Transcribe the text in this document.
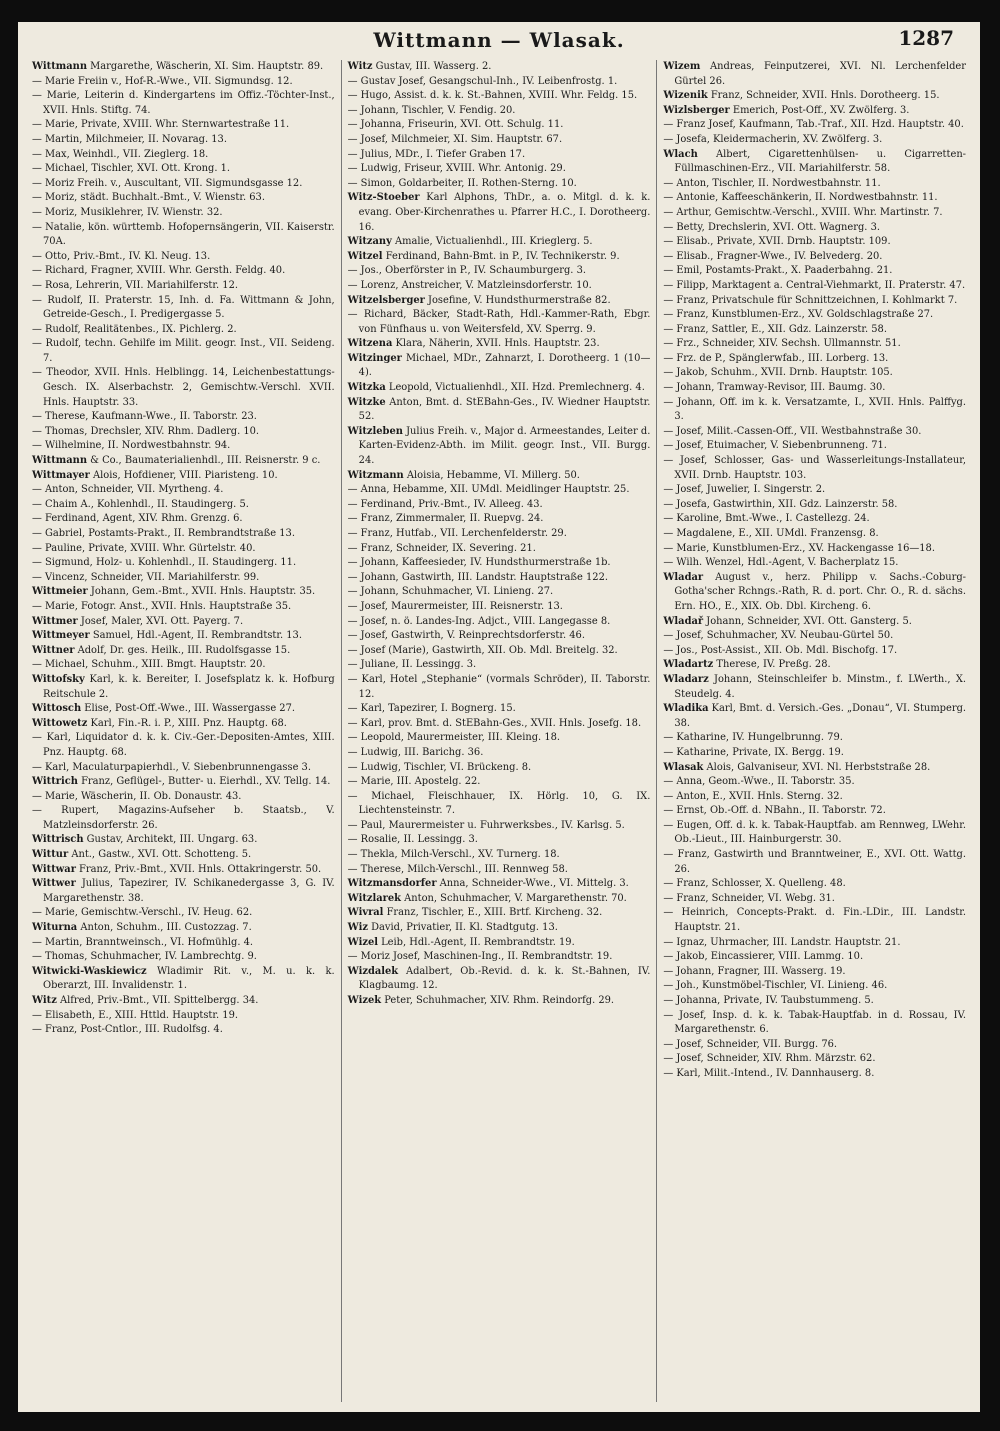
Wittmann — Wlasak.	1287
Wittmann Margarethe, Wäscherin, XI. Sim. Hauptstr. 89.
— Marie Freiin v., Hof-R.-Wwe., VII. Sigmundsg. 12.
— Marie, Leiterin d. Kindergartens im Offiz.-Töchter-Inst., XVII. Hnls. Stiftg. 74.
— Marie, Private, XVIII. Whr. Sternwartestraße 11.
— Martin, Milchmeier, II. Novarag. 13.
— Max, Weinhdl., VII. Zieglerg. 18.
— Michael, Tischler, XVI. Ott. Krong. 1.
— Moriz Freih. v., Auscultant, VII. Sigmundsgasse 12.
— Moriz, städt. Buchhalt.-Bmt., V. Wienstr. 63.
— Moriz, Musiklehrer, IV. Wienstr. 32.
— Natalie, kön. württemb. Hofopernsängerin, VII. Kaiserstr. 70A.
— Otto, Priv.-Bmt., IV. Kl. Neug. 13.
— Richard, Fragner, XVIII. Whr. Gersth. Feldg. 40.
— Rosa, Lehrerin, VII. Mariahilferstr. 12.
— Rudolf, II. Praterstr. 15, Inh. d. Fa. Wittmann & John, Getreide-Gesch., I. Predigergasse 5.
— Rudolf, Realitätenbes., IX. Pichlerg. 2.
— Rudolf, techn. Gehilfe im Milit. geogr. Inst., VII. Seideng. 7.
— Theodor, XVII. Hnls. Helblingg. 14, Leichenbestattungs-Gesch. IX. Alserbachstr. 2, Gemischtw.-Verschl. XVII. Hnls. Hauptstr. 33.
— Therese, Kaufmann-Wwe., II. Taborstr. 23.
— Thomas, Drechsler, XIV. Rhm. Dadlerg. 10.
— Wilhelmine, II. Nordwestbahnstr. 94.
Wittmann & Co., Baumaterialienhdl., III. Reisnerstr. 9 c.
Wittmayer Alois, Hofdiener, VIII. Piaristeng. 10.
— Anton, Schneider, VII. Myrtheng. 4.
— Chaim A., Kohlenhdl., II. Staudingerg. 5.
— Ferdinand, Agent, XIV. Rhm. Grenzg. 6.
— Gabriel, Postamts-Prakt., II. Rembrandtstraße 13.
— Pauline, Private, XVIII. Whr. Gürtelstr. 40.
— Sigmund, Holz- u. Kohlenhdl., II. Staudingerg. 11.
— Vincenz, Schneider, VII. Mariahilferstr. 99.
Wittmeier Johann, Gem.-Bmt., XVII. Hnls. Hauptstr. 35.
— Marie, Fotogr. Anst., XVII. Hnls. Hauptstraße 35.
Wittmer Josef, Maler, XVI. Ott. Payerg. 7.
Wittmeyer Samuel, Hdl.-Agent, II. Rembrandtstr. 13.
Wittner Adolf, Dr. ges. Heilk., III. Rudolfsgasse 15.
— Michael, Schuhm., XIII. Bmgt. Hauptstr. 20.
Wittofsky Karl, k. k. Bereiter, I. Josefsplatz k. k. Hofburg Reitschule 2.
Wittosch Elise, Post-Off.-Wwe., III. Wassergasse 27.
Wittowetz Karl, Fin.-R. i. P., XIII. Pnz. Hauptg. 68.
— Karl, Liquidator d. k. k. Civ.-Ger.-Depositen-Amtes, XIII. Pnz. Hauptg. 68.
— Karl, Maculaturpapierhdl., V. Siebenbrunnengasse 3.
Wittrich Franz, Geflügel-, Butter- u. Eierhdl., XV. Tellg. 14.
— Marie, Wäscherin, II. Ob. Donaustr. 43.
— Rupert, Magazins-Aufseher b. Staatsb., V. Matzleinsdorferstr. 26.
Wittrisch Gustav, Architekt, III. Ungarg. 63.
Wittur Ant., Gastw., XVI. Ott. Schotteng. 5.
Wittwar Franz, Priv.-Bmt., XVII. Hnls. Ottakringerstr. 50.
Wittwer Julius, Tapezirer, IV. Schikanedergasse 3, G. IV. Margarethenstr. 38.
— Marie, Gemischtw.-Verschl., IV. Heug. 62.
Witurna Anton, Schuhm., III. Custozzag. 7.
— Martin, Branntweinsch., VI. Hofmühlg. 4.
— Thomas, Schuhmacher, IV. Lambrechtg. 9.
Witwicki-Waskiewicz Wladimir Rit. v., M. u. k. k. Oberarzt, III. Invalidenstr. 1.
Witz Alfred, Priv.-Bmt., VII. Spittelbergg. 34.
— Elisabeth, E., XIII. Httld. Hauptstr. 19.
— Franz, Post-Cntlor., III. Rudolfsg. 4.
Witz Gustav, III. Wasserg. 2.
— Gustav Josef, Gesangschul-Inh., IV. Leibenfrostg. 1.
— Hugo, Assist. d. k. k. St.-Bahnen, XVIII. Whr. Feldg. 15.
— Johann, Tischler, V. Fendig. 20.
— Johanna, Friseurin, XVI. Ott. Schulg. 11.
— Josef, Milchmeier, XI. Sim. Hauptstr. 67.
— Julius, MDr., I. Tiefer Graben 17.
— Ludwig, Friseur, XVIII. Whr. Antonig. 29.
— Simon, Goldarbeiter, II. Rothen-Sterng. 10.
Witz-Stoeber Karl Alphons, ThDr., a. o. Mitgl. d. k. k. evang. Ober-Kirchenrathes u. Pfarrer H.C., I. Dorotheerg. 16.
Witzany Amalie, Victualienhdl., III. Krieglerg. 5.
Witzel Ferdinand, Bahn-Bmt. in P., IV. Technikerstr. 9.
— Jos., Oberförster in P., IV. Schaumburgerg. 3.
— Lorenz, Anstreicher, V. Matzleinsdorferstr. 10.
Witzelsberger Josefine, V. Hundsthurmerstraße 82.
— Richard, Bäcker, Stadt-Rath, Hdl.-Kammer-Rath, Ebgr. von Fünfhaus u. von Weitersfeld, XV. Sperrg. 9.
Witzena Klara, Näherin, XVII. Hnls. Hauptstr. 23.
Witzinger Michael, MDr., Zahnarzt, I. Dorotheerg. 1 (10—4).
Witzka Leopold, Victualienhdl., XII. Hzd. Premlechnerg. 4.
Witzke Anton, Bmt. d. StEBahn-Ges., IV. Wiedner Hauptstr. 52.
Witzleben Julius Freih. v., Major d. Armeestandes, Leiter d. Karten-Evidenz-Abth. im Milit. geogr. Inst., VII. Burgg. 24.
Witzmann Aloisia, Hebamme, VI. Millerg. 50.
— Anna, Hebamme, XII. UMdl. Meidlinger Hauptstr. 25.
— Ferdinand, Priv.-Bmt., IV. Alleeg. 43.
— Franz, Zimmermaler, II. Ruepvg. 24.
— Franz, Hutfab., VII. Lerchenfelderstr. 29.
— Franz, Schneider, IX. Severing. 21.
— Johann, Kaffeesieder, IV. Hundsthurmerstraße 1b.
— Johann, Gastwirth, III. Landstr. Hauptstraße 122.
— Johann, Schuhmacher, VI. Linieng. 27.
— Josef, Maurermeister, III. Reisnerstr. 13.
— Josef, n. ö. Landes-Ing. Adjct., VIII. Langegasse 8.
— Josef, Gastwirth, V. Reinprechtsdorferstr. 46.
— Josef (Marie), Gastwirth, XII. Ob. Mdl. Breitelg. 32.
— Juliane, II. Lessingg. 3.
— Karl, Hotel „Stephanie“ (vormals Schröder), II. Taborstr. 12.
— Karl, Tapezirer, I. Bognerg. 15.
— Karl, prov. Bmt. d. StEBahn-Ges., XVII. Hnls. Josefg. 18.
— Leopold, Maurermeister, III. Kleing. 18.
— Ludwig, III. Barichg. 36.
— Ludwig, Tischler, VI. Brückeng. 8.
— Marie, III. Apostelg. 22.
— Michael, Fleischhauer, IX. Hörlg. 10, G. IX. Liechtensteinstr. 7.
— Paul, Maurermeister u. Fuhrwerksbes., IV. Karlsg. 5.
— Rosalie, II. Lessingg. 3.
— Thekla, Milch-Verschl., XV. Turnerg. 18.
— Therese, Milch-Verschl., III. Rennweg 58.
Witzmansdorfer Anna, Schneider-Wwe., VI. Mittelg. 3.
Witzlarek Anton, Schuhmacher, V. Margarethenstr. 70.
Wivral Franz, Tischler, E., XIII. Brtf. Kircheng. 32.
Wiz David, Privatier, II. Kl. Stadtgutg. 13.
Wizel Leib, Hdl.-Agent, II. Rembrandtstr. 19.
— Moriz Josef, Maschinen-Ing., II. Rembrandtstr. 19.
Wizdalek Adalbert, Ob.-Revid. d. k. k. St.-Bahnen, IV. Klagbaumg. 12.
Wizek Peter, Schuhmacher, XIV. Rhm. Reindorfg. 29.
Wizem Andreas, Feinputzerei, XVI. Nl. Lerchenfelder Gürtel 26.
Wizenik Franz, Schneider, XVII. Hnls. Dorotheerg. 15.
Wizlsberger Emerich, Post-Off., XV. Zwölferg. 3.
— Franz Josef, Kaufmann, Tab.-Traf., XII. Hzd. Hauptstr. 40.
— Josefa, Kleidermacherin, XV. Zwölferg. 3.
Wlach Albert, Cigarettenhülsen- u. Cigarretten-Füllmaschinen-Erz., VII. Mariahilferstr. 58.
— Anton, Tischler, II. Nordwestbahnstr. 11.
— Antonie, Kaffeeschänkerin, II. Nordwestbahnstr. 11.
— Arthur, Gemischtw.-Verschl., XVIII. Whr. Martinstr. 7.
— Betty, Drechslerin, XVI. Ott. Wagnerg. 3.
— Elisab., Private, XVII. Drnb. Hauptstr. 109.
— Elisab., Fragner-Wwe., IV. Belvederg. 20.
— Emil, Postamts-Prakt., X. Paaderbahng. 21.
— Filipp, Marktagent a. Central-Viehmarkt, II. Praterstr. 47.
— Franz, Privatschule für Schnittzeichnen, I. Kohlmarkt 7.
— Franz, Kunstblumen-Erz., XV. Goldschlagstraße 27.
— Franz, Sattler, E., XII. Gdz. Lainzerstr. 58.
— Frz., Schneider, XIV. Sechsh. Ullmannstr. 51.
— Frz. de P., Spänglerwfab., III. Lorberg. 13.
— Jakob, Schuhm., XVII. Drnb. Hauptstr. 105.
— Johann, Tramway-Revisor, III. Baumg. 30.
— Johann, Off. im k. k. Versatzamte, I., XVII. Hnls. Palffyg. 3.
— Josef, Milit.-Cassen-Off., VII. Westbahnstraße 30.
— Josef, Etuimacher, V. Siebenbrunneng. 71.
— Josef, Schlosser, Gas- und Wasserleitungs-Installateur, XVII. Drnb. Hauptstr. 103.
— Josef, Juwelier, I. Singerstr. 2.
— Josefa, Gastwirthin, XII. Gdz. Lainzerstr. 58.
— Karoline, Bmt.-Wwe., I. Castellezg. 24.
— Magdalene, E., XII. UMdl. Franzensg. 8.
— Marie, Kunstblumen-Erz., XV. Hackengasse 16—18.
— Wilh. Wenzel, Hdl.-Agent, V. Bacherplatz 15.
Wladar August v., herz. Philipp v. Sachs.-Coburg-Gotha'scher Rchngs.-Rath, R. d. port. Chr. O., R. d. sächs. Ern. HO., E., XIX. Ob. Dbl. Kircheng. 6.
Wladař Johann, Schneider, XVI. Ott. Gansterg. 5.
— Josef, Schuhmacher, XV. Neubau-Gürtel 50.
— Jos., Post-Assist., XII. Ob. Mdl. Bischofg. 17.
Wladartz Therese, IV. Preßg. 28.
Wladarz Johann, Steinschleifer b. Minstm., f. LWerth., X. Steudelg. 4.
Wladika Karl, Bmt. d. Versich.-Ges. „Donau“, VI. Stumperg. 38.
— Katharine, IV. Hungelbrunng. 79.
— Katharine, Private, IX. Bergg. 19.
Wlasak Alois, Galvaniseur, XVI. Nl. Herbststraße 28.
— Anna, Geom.-Wwe., II. Taborstr. 35.
— Anton, E., XVII. Hnls. Sterng. 32.
— Ernst, Ob.-Off. d. NBahn., II. Taborstr. 72.
— Eugen, Off. d. k. k. Tabak-Hauptfab. am Rennweg, LWehr. Ob.-Lieut., III. Hainburgerstr. 30.
— Franz, Gastwirth und Branntweiner, E., XVI. Ott. Wattg. 26.
— Franz, Schlosser, X. Quelleng. 48.
— Franz, Schneider, VI. Webg. 31.
— Heinrich, Concepts-Prakt. d. Fin.-LDir., III. Landstr. Hauptstr. 21.
— Ignaz, Uhrmacher, III. Landstr. Hauptstr. 21.
— Jakob, Eincassierer, VIII. Lammg. 10.
— Johann, Fragner, III. Wasserg. 19.
— Joh., Kunstmöbel-Tischler, VI. Linieng. 46.
— Johanna, Private, IV. Taubstummeng. 5.
— Josef, Insp. d. k. k. Tabak-Hauptfab. in d. Rossau, IV. Margarethenstr. 6.
— Josef, Schneider, VII. Burgg. 76.
— Josef, Schneider, XIV. Rhm. Märzstr. 62.
— Karl, Milit.-Intend., IV. Dannhauserg. 8.
